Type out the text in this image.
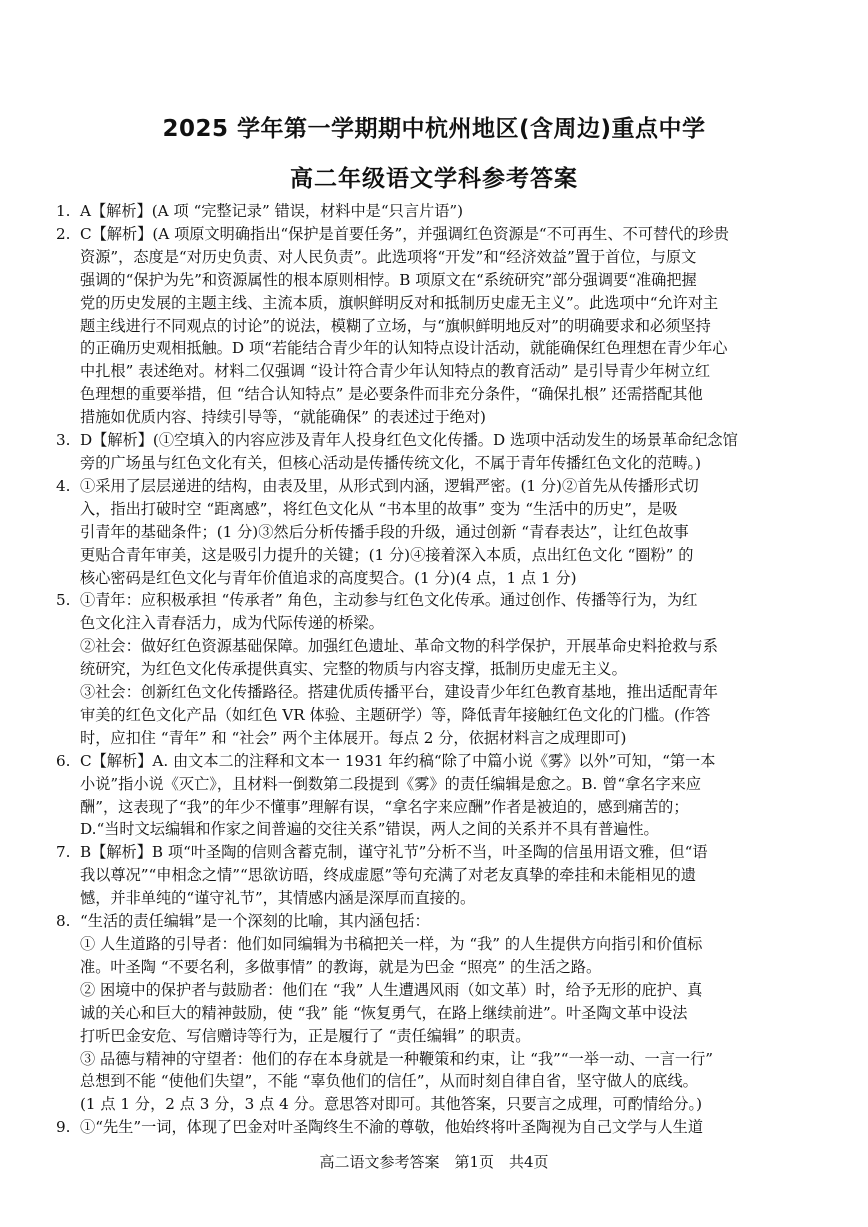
2025 学年第一学期期中杭州地区(含周边)重点中学
高二年级语文学科参考答案
1. A【解析】(A 项 “完整记录” 错误，材料中是“只言片语”)
2. C【解析】(A 项原文明确指出“保护是首要任务”，并强调红色资源是“不可再生、不可替代的珍贵
资源”，态度是“对历史负责、对人民负责”。此选项将“开发”和“经济效益”置于首位，与原文
强调的“保护为先”和资源属性的根本原则相悖。B 项原文在“系统研究”部分强调要“准确把握
党的历史发展的主题主线、主流本质，旗帜鲜明反对和抵制历史虚无主义”。此选项中“允许对主
题主线进行不同观点的讨论”的说法，模糊了立场，与“旗帜鲜明地反对”的明确要求和必须坚持
的正确历史观相抵触。D 项“若能结合青少年的认知特点设计活动，就能确保红色理想在青少年心
中扎根” 表述绝对。材料二仅强调 “设计符合青少年认知特点的教育活动” 是引导青少年树立红
色理想的重要举措，但 “结合认知特点” 是必要条件而非充分条件，“确保扎根” 还需搭配其他
措施如优质内容、持续引导等，“就能确保” 的表述过于绝对)
3. D【解析】(①空填入的内容应涉及青年人投身红色文化传播。D 选项中活动发生的场景革命纪念馆
旁的广场虽与红色文化有关，但核心活动是传播传统文化，不属于青年传播红色文化的范畴。)
4. ①采用了层层递进的结构，由表及里，从形式到内涵，逻辑严密。(1 分)②首先从传播形式切
入，指出打破时空 “距离感”，将红色文化从 “书本里的故事” 变为 “生活中的历史”，是吸
引青年的基础条件；(1 分)③然后分析传播手段的升级，通过创新 “青春表达”，让红色故事
更贴合青年审美，这是吸引力提升的关键；(1 分)④接着深入本质，点出红色文化 “圈粉” 的
核心密码是红色文化与青年价值追求的高度契合。(1 分)(4 点，1 点 1 分)
5. ①青年：应积极承担 “传承者” 角色，主动参与红色文化传承。通过创作、传播等行为，为红
色文化注入青春活力，成为代际传递的桥梁。
②社会：做好红色资源基础保障。加强红色遗址、革命文物的科学保护，开展革命史料抢救与系
统研究，为红色文化传承提供真实、完整的物质与内容支撑，抵制历史虚无主义。
③社会：创新红色文化传播路径。搭建优质传播平台，建设青少年红色教育基地，推出适配青年
审美的红色文化产品（如红色 VR 体验、主题研学）等，降低青年接触红色文化的门槛。(作答
时，应扣住 “青年” 和 “社会” 两个主体展开。每点 2 分，依据材料言之成理即可)
6. C【解析】A. 由文本二的注释和文本一 1931 年约稿“除了中篇小说《雾》以外”可知，“第一本
小说”指小说《灭亡》，且材料一倒数第二段提到《雾》的责任编辑是愈之。B. 曾“拿名字来应
酬”，这表现了“我”的年少不懂事”理解有误，“拿名字来应酬”作者是被迫的，感到痛苦的；
D.“当时文坛编辑和作家之间普遍的交往关系”错误，两人之间的关系并不具有普遍性。
7. B【解析】B 项“叶圣陶的信则含蓄克制，谨守礼节”分析不当，叶圣陶的信虽用语文雅，但“语
我以尊况”“申相念之情”“思欲访晤，终成虚愿”等句充满了对老友真挚的牵挂和未能相见的遗
憾，并非单纯的“谨守礼节”，其情感内涵是深厚而直接的。
8. “生活的责任编辑”是一个深刻的比喻，其内涵包括：
① 人生道路的引导者：他们如同编辑为书稿把关一样，为 “我” 的人生提供方向指引和价值标
准。叶圣陶 “不要名利，多做事情” 的教诲，就是为巴金 “照亮” 的生活之路。
② 困境中的保护者与鼓励者：他们在 “我” 人生遭遇风雨（如文革）时，给予无形的庇护、真
诚的关心和巨大的精神鼓励，使 “我” 能 “恢复勇气，在路上继续前进”。叶圣陶文革中设法
打听巴金安危、写信赠诗等行为，正是履行了 “责任编辑” 的职责。
③ 品德与精神的守望者：他们的存在本身就是一种鞭策和约束，让 “我”“一举一动、一言一行”
总想到不能 “使他们失望”，不能 “辜负他们的信任”，从而时刻自律自省，坚守做人的底线。
(1 点 1 分，2 点 3 分，3 点 4 分。意思答对即可。其他答案，只要言之成理，可酌情给分。)
9. ①“先生”一词，体现了巴金对叶圣陶终生不渝的尊敬，他始终将叶圣陶视为自己文学与人生道
高二语文参考答案　第1页　共4页
